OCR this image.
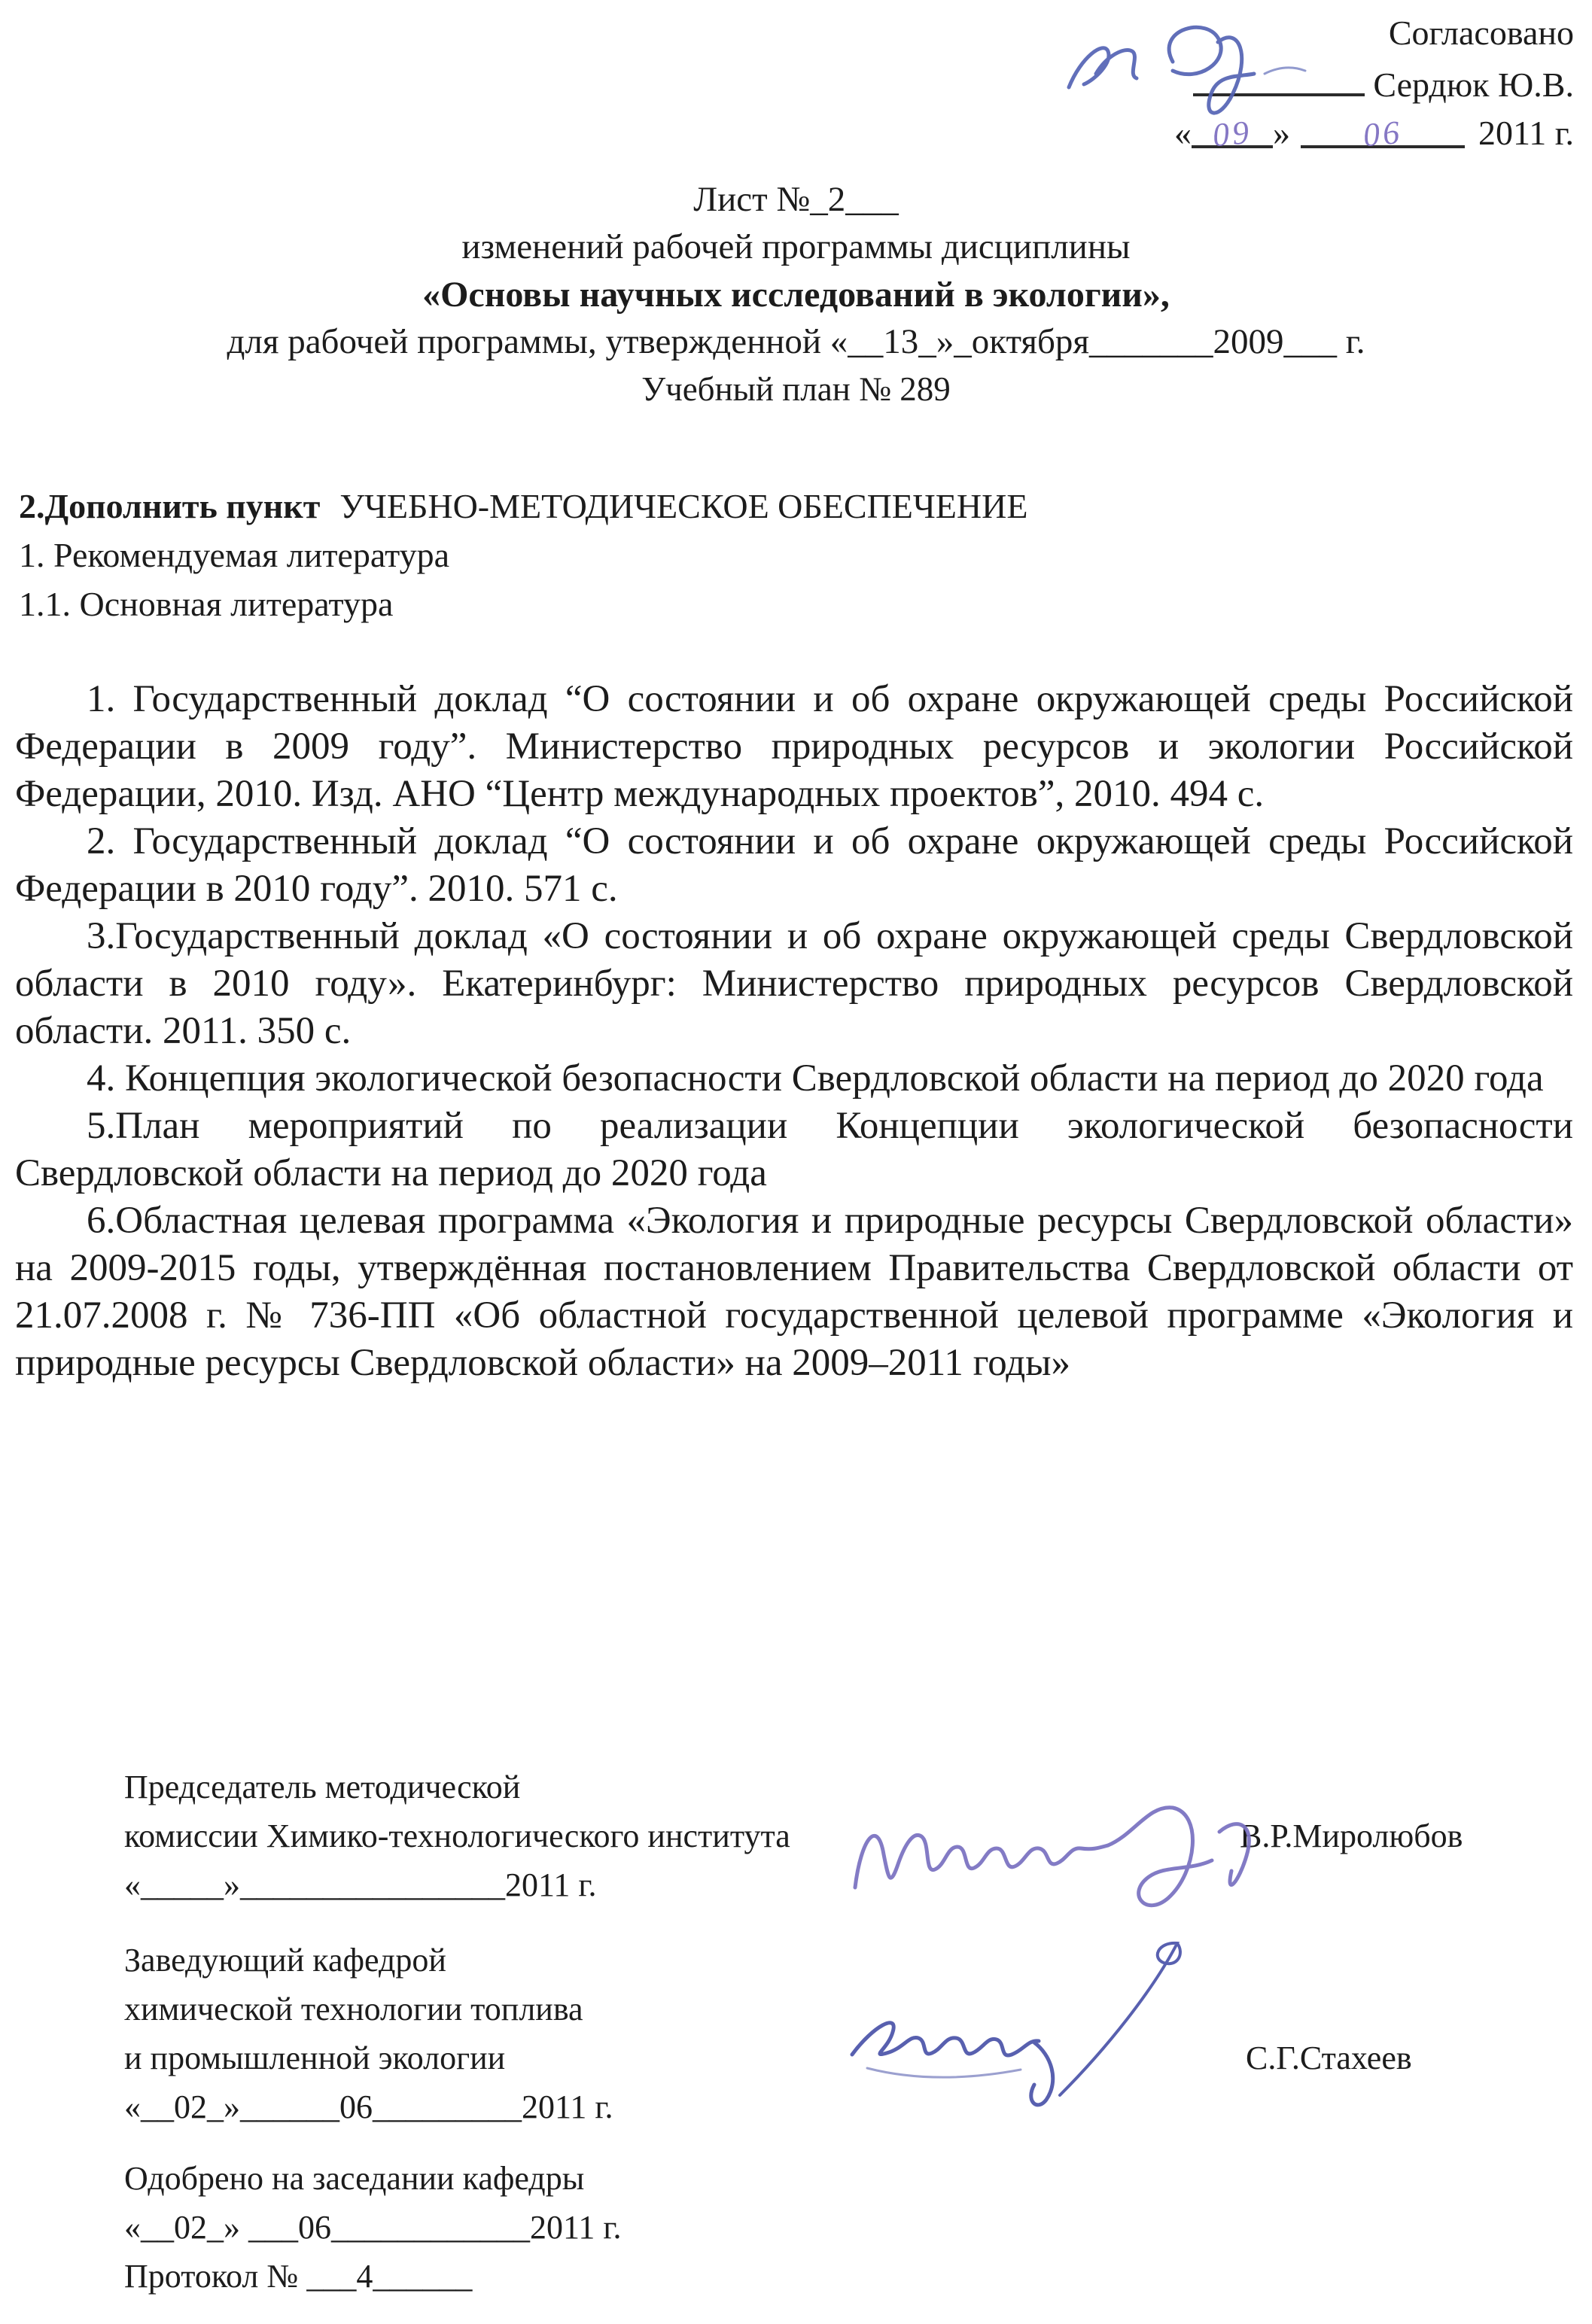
Согласовано
Сердюк Ю.В.
« 09 » 06 2011 г.
Лист №_2___
изменений рабочей программы дисциплины
«Основы научных исследований в экологии»,
для рабочей программы, утвержденной «__13_»_октября_______2009___ г.
Учебный план № 289
2.Дополнить пункт УЧЕБНО-МЕТОДИЧЕСКОЕ ОБЕСПЕЧЕНИЕ
1. Рекомендуемая литература
1.1. Основная литература

1. Государственный доклад “О состоянии и об охране окружающей среды Российской Федерации в 2009 году”. Министерство природных ресурсов и экологии Российской Федерации, 2010. Изд. АНО “Центр международных проектов”, 2010. 494 с.

2. Государственный доклад “О состоянии и об охране окружающей среды Российской Федерации в 2010 году”. 2010. 571 с.

3.Государственный доклад «О состоянии и об охране окружающей среды Свердловской области в 2010 году». Екатеринбург: Министерство природных ресурсов Свердловской области. 2011. 350 с.

4. Концепция экологической безопасности Свердловской области на период до 2020 года

5.План мероприятий по реализации Концепции экологической безопасности Свердловской области на период до 2020 года

6.Областная целевая программа «Экология и природные ресурсы Свердловской области» на 2009-2015 годы, утверждённая постановлением Правительства Свердловской области от 21.07.2008 г. № 736-ПП «Об областной государственной целевой программе «Экология и природные ресурсы Свердловской области» на 2009–2011 годы»

Председатель методической
комиссии Химико-технологического института	В.Р.Миролюбов
«_____»________________2011 г.
Заведующий кафедрой
химической технологии топлива
и промышленной экологии	С.Г.Стахеев
«__02_»______06_________2011 г.
Одобрено на заседании кафедры
«__02_» ___06____________2011 г.
Протокол № ___4______
